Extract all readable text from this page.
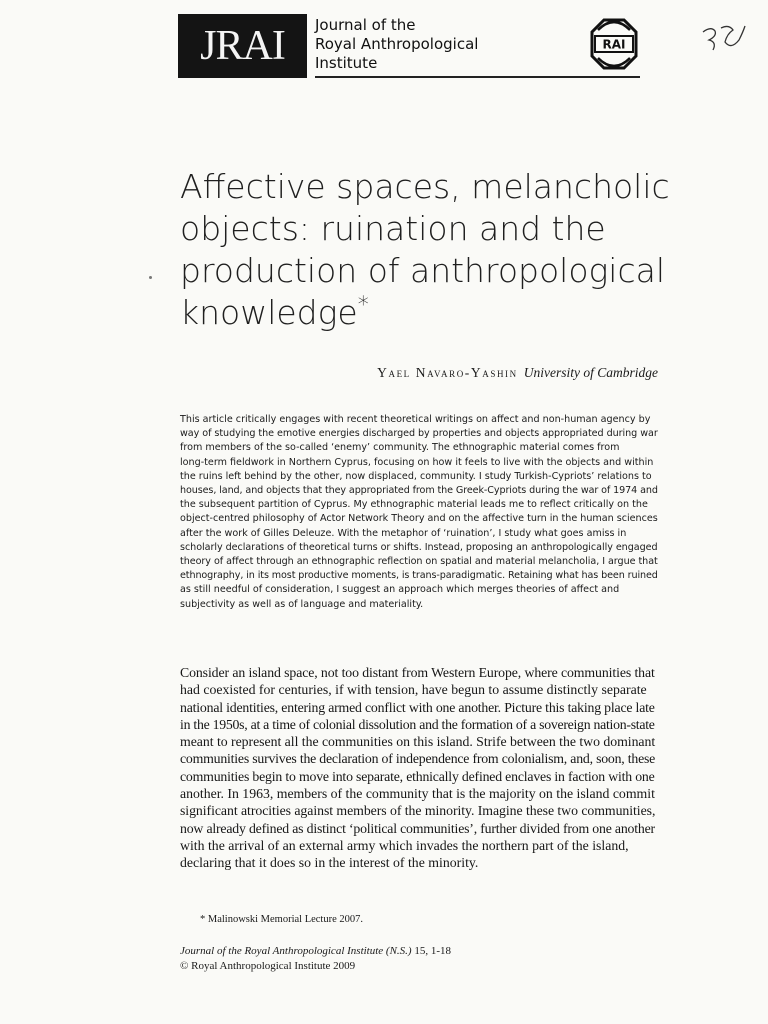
JRAI	Journal of the
Royal Anthropological
Institute
RAI
Affective spaces, melancholic
objects: ruination and the
production of anthropological
knowledge*
Yael Navaro-Yashin University of Cambridge
This article critically engages with recent theoretical writings on affect and non-human agency by
way of studying the emotive energies discharged by properties and objects appropriated during war
from members of the so-called ‘enemy’ community. The ethnographic material comes from
long-term fieldwork in Northern Cyprus, focusing on how it feels to live with the objects and within
the ruins left behind by the other, now displaced, community. I study Turkish-Cypriots’ relations to
houses, land, and objects that they appropriated from the Greek-Cypriots during the war of 1974 and
the subsequent partition of Cyprus. My ethnographic material leads me to reflect critically on the
object-centred philosophy of Actor Network Theory and on the affective turn in the human sciences
after the work of Gilles Deleuze. With the metaphor of ‘ruination’, I study what goes amiss in
scholarly declarations of theoretical turns or shifts. Instead, proposing an anthropologically engaged
theory of affect through an ethnographic reflection on spatial and material melancholia, I argue that
ethnography, in its most productive moments, is trans-paradigmatic. Retaining what has been ruined
as still needful of consideration, I suggest an approach which merges theories of affect and
subjectivity as well as of language and materiality.
Consider an island space, not too distant from Western Europe, where communities that
had coexisted for centuries, if with tension, have begun to assume distinctly separate
national identities, entering armed conflict with one another. Picture this taking place late
in the 1950s, at a time of colonial dissolution and the formation of a sovereign nation-state
meant to represent all the communities on this island. Strife between the two dominant
communities survives the declaration of independence from colonialism, and, soon, these
communities begin to move into separate, ethnically defined enclaves in faction with one
another. In 1963, members of the community that is the majority on the island commit
significant atrocities against members of the minority. Imagine these two communities,
now already defined as distinct ‘political communities’, further divided from one another
with the arrival of an external army which invades the northern part of the island,
declaring that it does so in the interest of the minority.
* Malinowski Memorial Lecture 2007.
Journal of the Royal Anthropological Institute (N.S.) 15, 1-18
© Royal Anthropological Institute 2009
